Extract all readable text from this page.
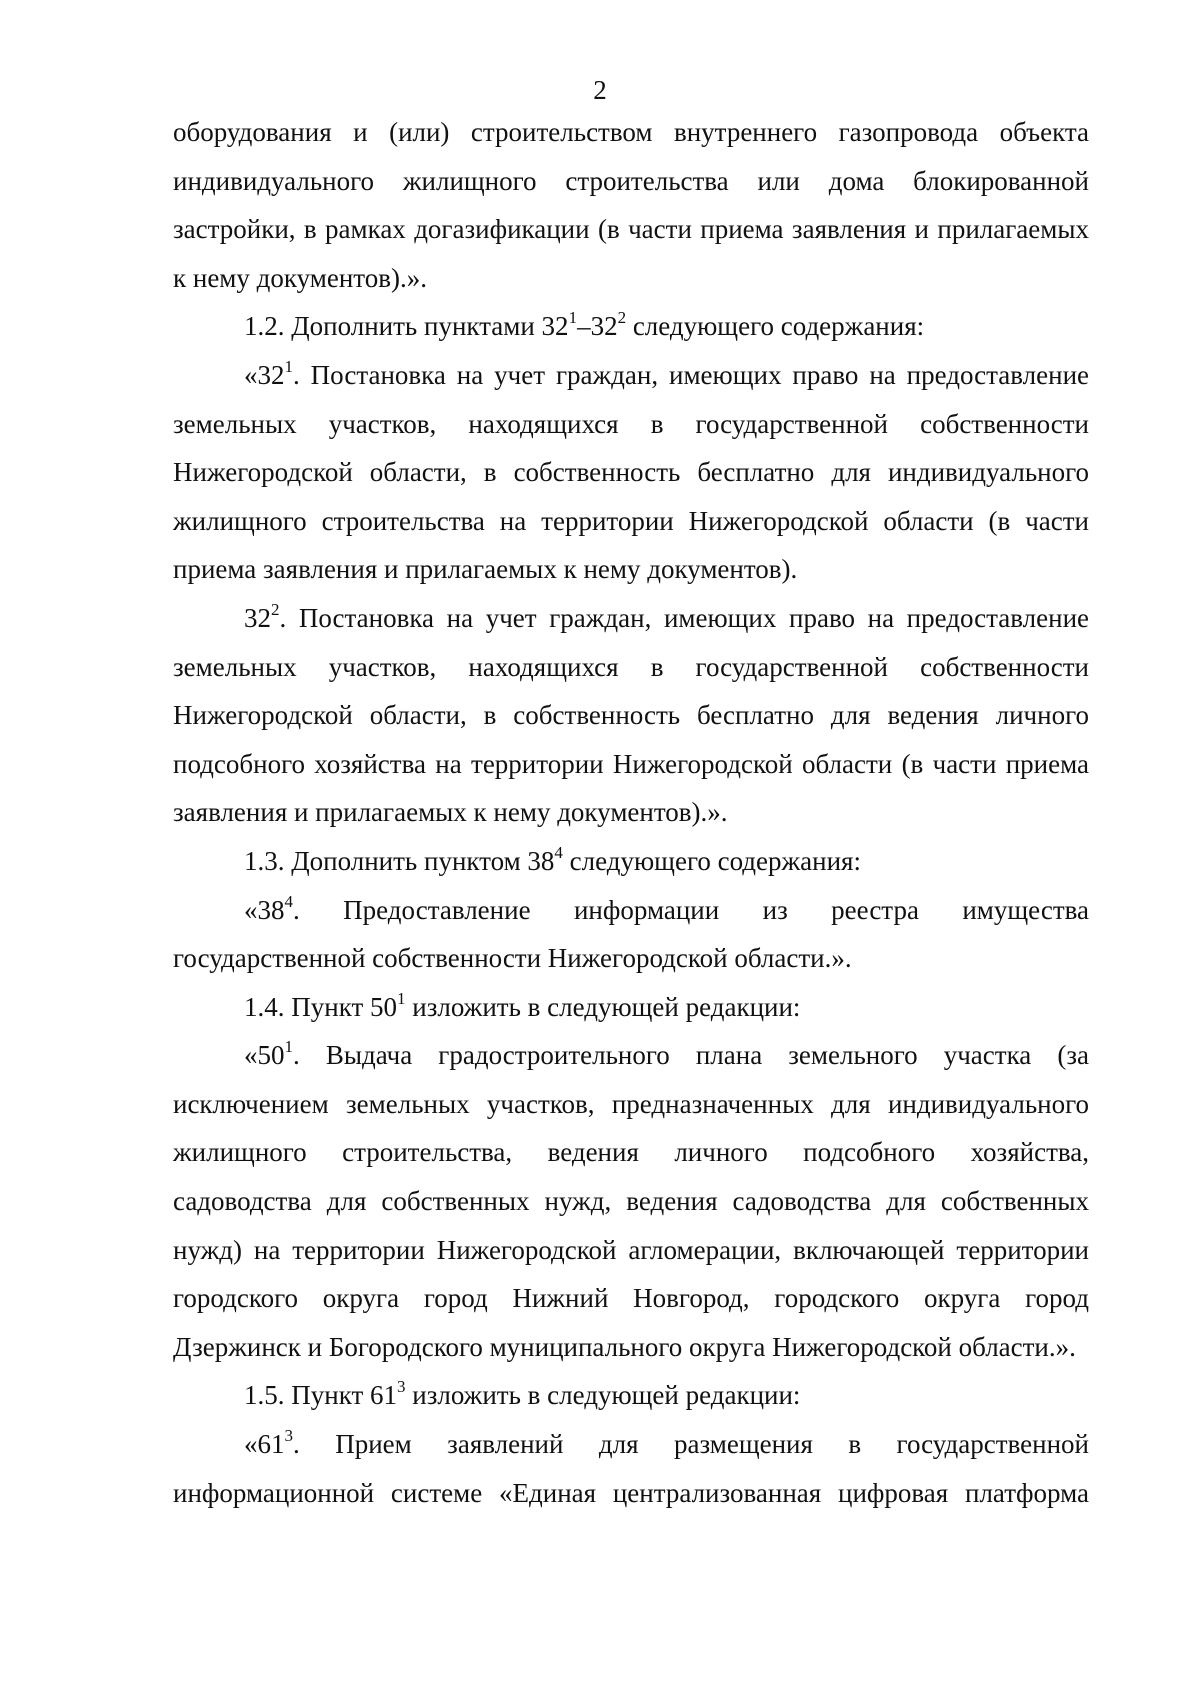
2

оборудования и (или) строительством внутреннего газопровода объекта индивидуального жилищного строительства или дома блокированной застройки, в рамках догазификации (в части приема заявления и прилагаемых к нему документов).».

1.2. Дополнить пунктами $32^1-32^2$ следующего содержания:

«$32^1$. Постановка на учет граждан, имеющих право на предоставление земельных участков, находящихся в государственной собственности Нижегородской области, в собственность бесплатно для индивидуального жилищного строительства на территории Нижегородской области (в части приема заявления и прилагаемых к нему документов).

$32^2$. Постановка на учет граждан, имеющих право на предоставление земельных участков, находящихся в государственной собственности Нижегородской области, в собственность бесплатно для ведения личного подсобного хозяйства на территории Нижегородской области (в части приема заявления и прилагаемых к нему документов).».

1.3. Дополнить пунктом $38^4$ следующего содержания:

«$38^4$. Предоставление информации из реестра имущества государственной собственности Нижегородской области.».

1.4. Пункт $50^1$ изложить в следующей редакции:

«$50^1$. Выдача градостроительного плана земельного участка (за исключением земельных участков, предназначенных для индивидуального жилищного строительства, ведения личного подсобного хозяйства, садоводства для собственных нужд, ведения садоводства для собственных нужд) на территории Нижегородской агломерации, включающей территории городского округа город Нижний Новгород, городского округа город Дзержинск и Богородского муниципального округа Нижегородской области.».

1.5. Пункт $61^3$ изложить в следующей редакции:

«$61^3$. Прием заявлений для размещения в государственной информационной системе «Единая централизованная цифровая платформа
